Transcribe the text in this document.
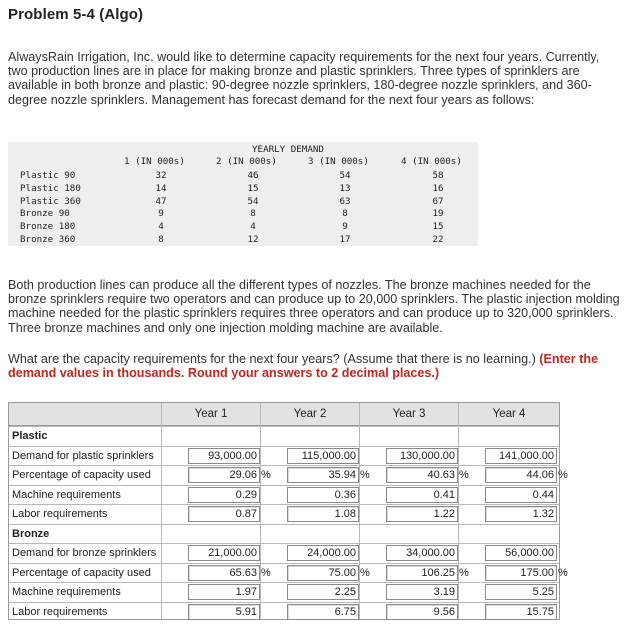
Problem 5-4 (Algo)
AlwaysRain Irrigation, Inc. would like to determine capacity requirements for the next four years. Currently, two production lines are in place for making bronze and plastic sprinklers. Three types of sprinklers are available in both bronze and plastic: 90-degree nozzle sprinklers, 180-degree nozzle sprinklers, and 360-degree nozzle sprinklers. Management has forecast demand for the next four years as follows:
YEARLY DEMAND
1 (IN 000s)	2 (IN 000s)	3 (IN 000s)	4 (IN 000s)
Plastic 90	32	46	54	58
Plastic 180	14	15	13	16
Plastic 360	47	54	63	67
Bronze 90	9	8	8	19
Bronze 180	4	4	9	15
Bronze 360	8	12	17	22
Both production lines can produce all the different types of nozzles. The bronze machines needed for the bronze sprinklers require two operators and can produce up to 20,000 sprinklers. The plastic injection molding machine needed for the plastic sprinklers requires three operators and can produce up to 320,000 sprinklers. Three bronze machines and only one injection molding machine are available.
What are the capacity requirements for the next four years? (Assume that there is no learning.) (Enter the demand values in thousands. Round your answers to 2 decimal places.)
Year 1	Year 2	Year 3	Year 4
Plastic
Demand for plastic sprinklers	93,000.00	115,000.00	130,000.00	141,000.00
Percentage of capacity used	29.06 %	35.94 %	40.63 %	44.06 %
Machine requirements	0.29	0.36	0.41	0.44
Labor requirements	0.87	1.08	1.22	1.32
Bronze
Demand for bronze sprinklers	21,000.00	24,000.00	34,000.00	56,000.00
Percentage of capacity used	65.63 %	75.00 %	106.25 %	175.00 %
Machine requirements	1.97	2.25	3.19	5.25
Labor requirements	5.91	6.75	9.56	15.75
